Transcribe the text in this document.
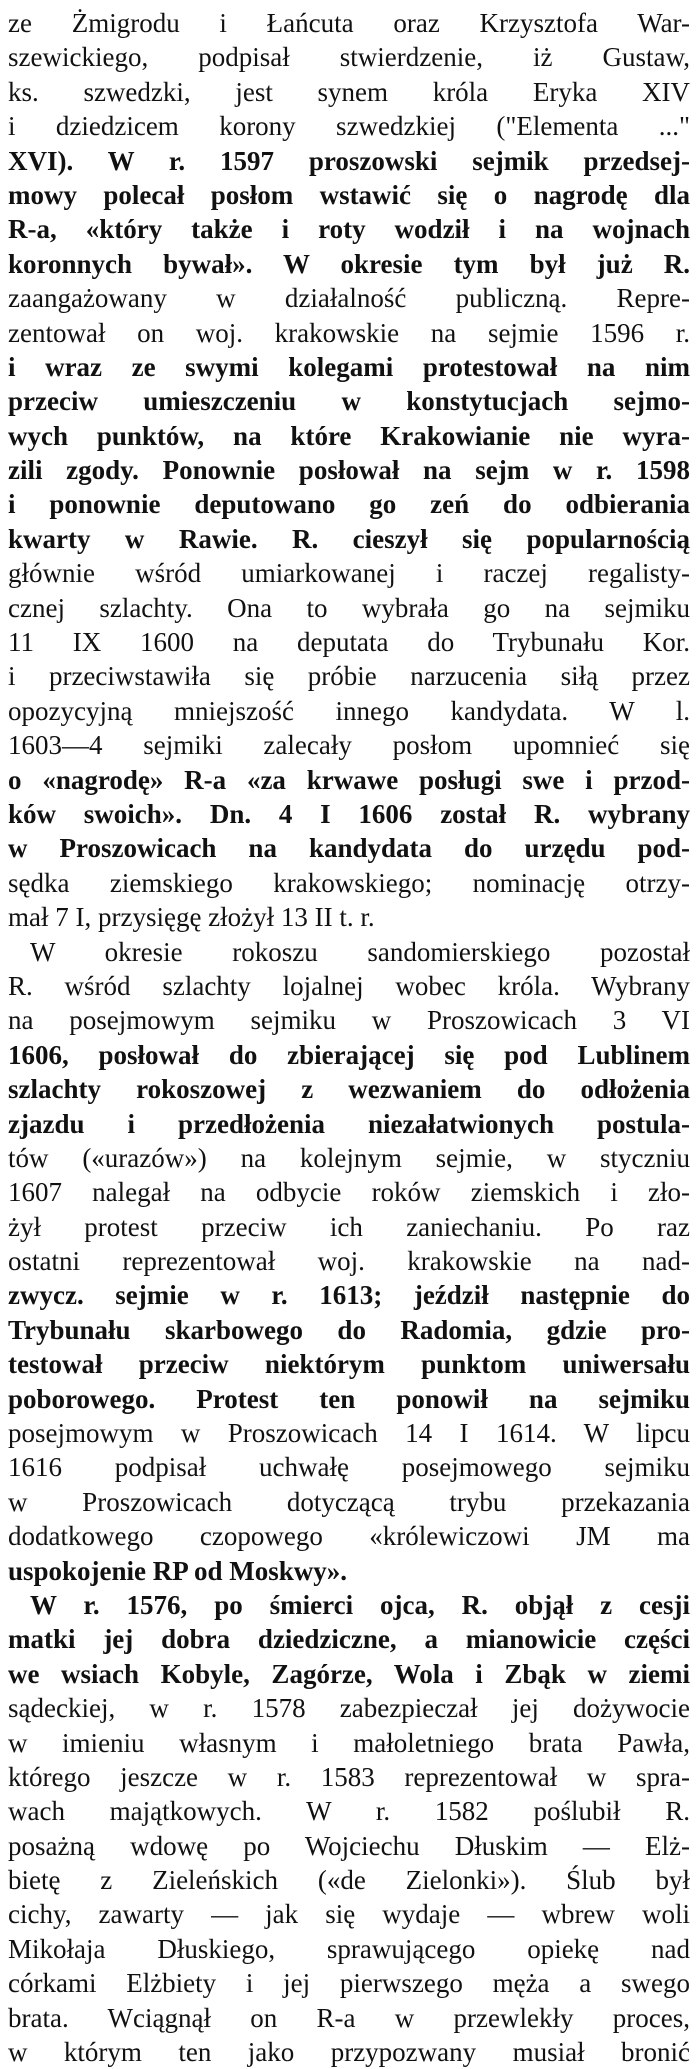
ze Żmigrodu i Łańcuta oraz Krzysztofa War-
szewickiego, podpisał stwierdzenie, iż Gustaw,
ks. szwedzki, jest synem króla Eryka XIV
i dziedzicem korony szwedzkiej ("Elementa ..."
XVI). W r. 1597 proszowski sejmik przedsej-
mowy polecał posłom wstawić się o nagrodę dla
R-a, «który także i roty wodził i na wojnach
koronnych bywał». W okresie tym był już R.
zaangażowany w działalność publiczną. Repre-
zentował on woj. krakowskie na sejmie 1596 r.
i wraz ze swymi kolegami protestował na nim
przeciw umieszczeniu w konstytucjach sejmo-
wych punktów, na które Krakowianie nie wyra-
zili zgody. Ponownie posłował na sejm w r. 1598
i ponownie deputowano go zeń do odbierania
kwarty w Rawie. R. cieszył się popularnością
głównie wśród umiarkowanej i raczej regalisty-
cznej szlachty. Ona to wybrała go na sejmiku
11 IX 1600 na deputata do Trybunału Kor.
i przeciwstawiła się próbie narzucenia siłą przez
opozycyjną mniejszość innego kandydata. W l.
1603—4 sejmiki zalecały posłom upomnieć się
o «nagrodę» R-a «za krwawe posługi swe i przod-
ków swoich». Dn. 4 I 1606 został R. wybrany
w Proszowicach na kandydata do urzędu pod-
sędka ziemskiego krakowskiego; nominację otrzy-
mał 7 I, przysięgę złożył 13 II t. r.
W okresie rokoszu sandomierskiego pozostał
R. wśród szlachty lojalnej wobec króla. Wybrany
na posejmowym sejmiku w Proszowicach 3 VI
1606, posłował do zbierającej się pod Lublinem
szlachty rokoszowej z wezwaniem do odłożenia
zjazdu i przedłożenia niezałatwionych postula-
tów («urazów») na kolejnym sejmie, w styczniu
1607 nalegał na odbycie roków ziemskich i zło-
żył protest przeciw ich zaniechaniu. Po raz
ostatni reprezentował woj. krakowskie na nad-
zwycz. sejmie w r. 1613; jeździł następnie do
Trybunału skarbowego do Radomia, gdzie pro-
testował przeciw niektórym punktom uniwersału
poborowego. Protest ten ponowił na sejmiku
posejmowym w Proszowicach 14 I 1614. W lipcu
1616 podpisał uchwałę posejmowego sejmiku
w Proszowicach dotyczącą trybu przekazania
dodatkowego czopowego «królewiczowi JM ma
uspokojenie RP od Moskwy».
W r. 1576, po śmierci ojca, R. objął z cesji
matki jej dobra dziedziczne, a mianowicie części
we wsiach Kobyle, Zagórze, Wola i Zbąk w ziemi
sądeckiej, w r. 1578 zabezpieczał jej dożywocie
w imieniu własnym i małoletniego brata Pawła,
którego jeszcze w r. 1583 reprezentował w spra-
wach majątkowych. W r. 1582 poślubił R.
posażną wdowę po Wojciechu Dłuskim — Elż-
bietę z Zieleńskich («de Zielonki»). Ślub był
cichy, zawarty — jak się wydaje — wbrew woli
Mikołaja Dłuskiego, sprawującego opiekę nad
córkami Elżbiety i jej pierwszego męża a swego
brata. Wciągnął on R-a w przewlekły proces,
w którym ten jako przypozwany musiał bronić
